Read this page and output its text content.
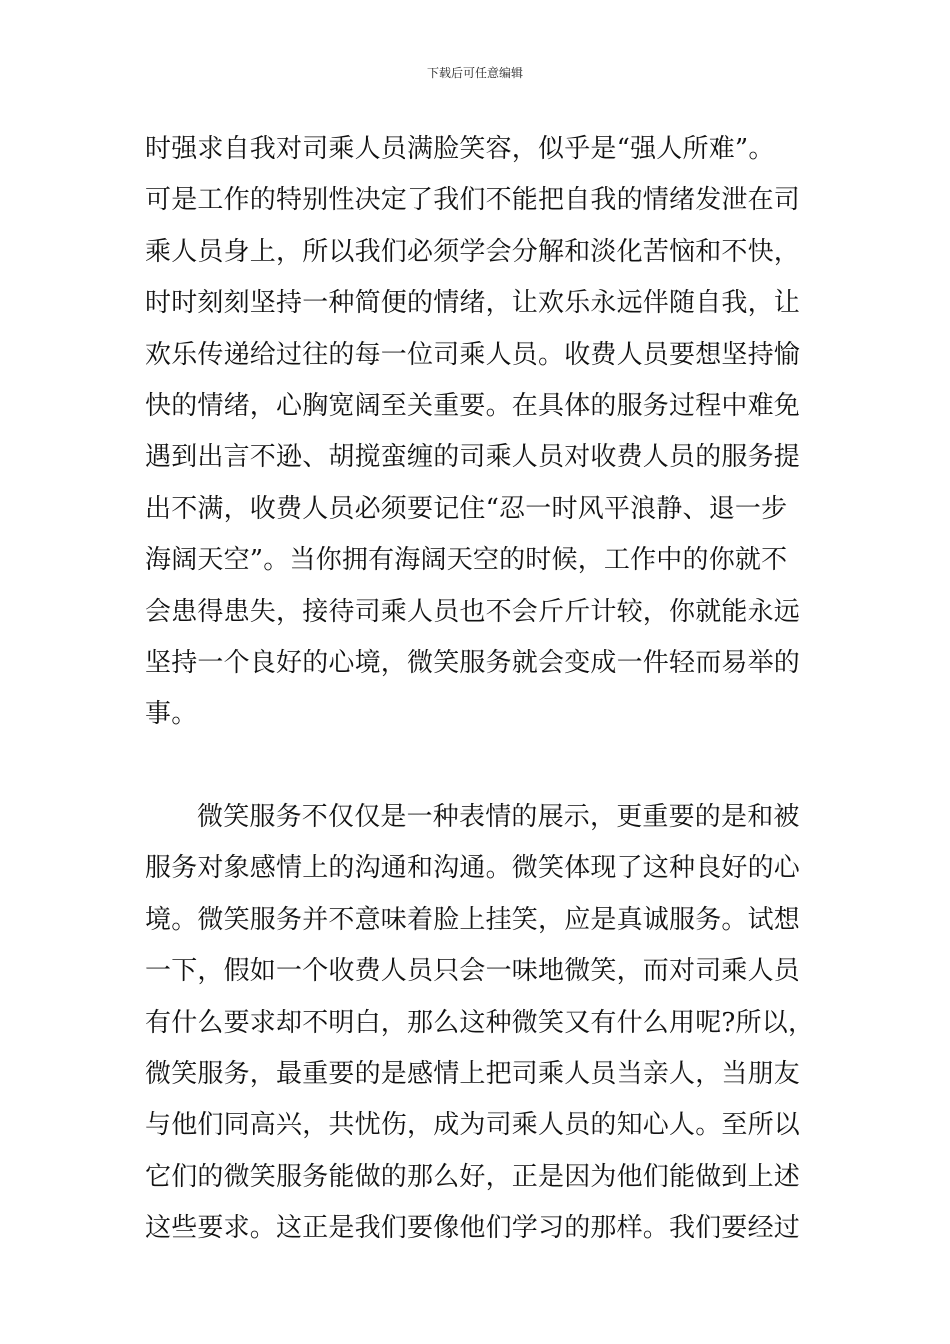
下载后可任意编辑
时强求自我对司乘人员满脸笑容，似乎是“强人所难”。
可是工作的特别性决定了我们不能把自我的情绪发泄在司
乘人员身上，所以我们必须学会分解和淡化苦恼和不快，
时时刻刻坚持一种简便的情绪，让欢乐永远伴随自我，让
欢乐传递给过往的每一位司乘人员。收费人员要想坚持愉
快的情绪，心胸宽阔至关重要。在具体的服务过程中难免
遇到出言不逊、胡搅蛮缠的司乘人员对收费人员的服务提
出不满，收费人员必须要记住“忍一时风平浪静、退一步
海阔天空”。当你拥有海阔天空的时候，工作中的你就不
会患得患失，接待司乘人员也不会斤斤计较，你就能永远
坚持一个良好的心境，微笑服务就会变成一件轻而易举的
事。
微笑服务不仅仅是一种表情的展示，更重要的是和被
服务对象感情上的沟通和沟通。微笑体现了这种良好的心
境。微笑服务并不意味着脸上挂笑，应是真诚服务。试想
一下，假如一个收费人员只会一味地微笑，而对司乘人员
有什么要求却不明白，那么这种微笑又有什么用呢?所以，
微笑服务，最重要的是感情上把司乘人员当亲人，当朋友
与他们同高兴，共忧伤，成为司乘人员的知心人。至所以
它们的微笑服务能做的那么好，正是因为他们能做到上述
这些要求。这正是我们要像他们学习的那样。我们要经过
